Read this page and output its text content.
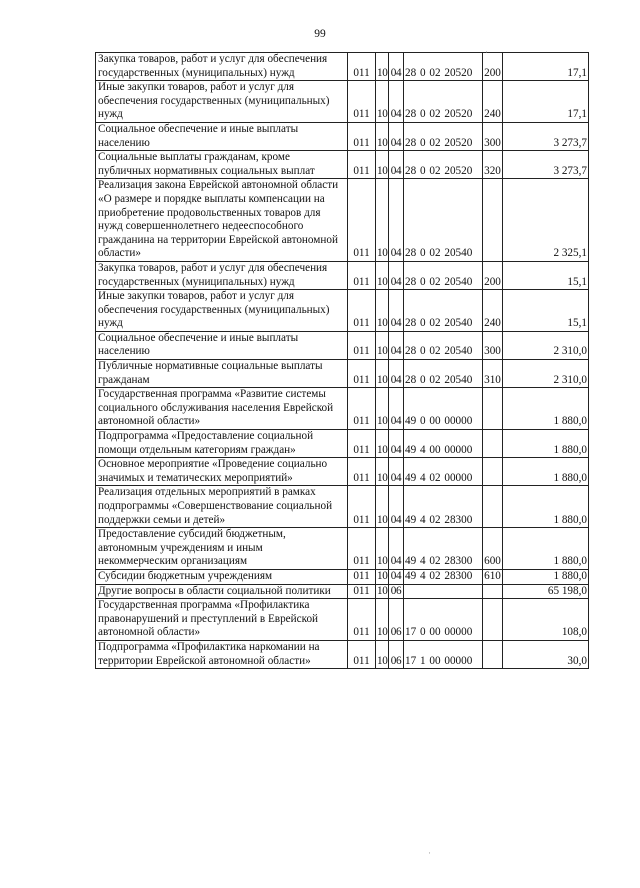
99
Закупка товаров, работ и услуг для обеспечения государственных (муниципальных) нужд	011	10	04	28 0 02 20520	200	17,1
Иные закупки товаров, работ и услуг для обеспечения государственных (муниципальных) нужд	011	10	04	28 0 02 20520	240	17,1
Социальное обеспечение и иные выплаты населению	011	10	04	28 0 02 20520	300	3 273,7
Социальные выплаты гражданам, кроме публичных нормативных социальных выплат	011	10	04	28 0 02 20520	320	3 273,7
Реализация закона Еврейской автономной области «О размере и порядке выплаты компенсации на приобретение продовольственных товаров для нужд совершеннолетнего недееспособного гражданина на территории Еврейской автономной области»	011	10	04	28 0 02 20540		2 325,1
Закупка товаров, работ и услуг для обеспечения государственных (муниципальных) нужд	011	10	04	28 0 02 20540	200	15,1
Иные закупки товаров, работ и услуг для обеспечения государственных (муниципальных) нужд	011	10	04	28 0 02 20540	240	15,1
Социальное обеспечение и иные выплаты населению	011	10	04	28 0 02 20540	300	2 310,0
Публичные нормативные социальные выплаты гражданам	011	10	04	28 0 02 20540	310	2 310,0
Государственная программа «Развитие системы социального обслуживания населения Еврейской автономной области»	011	10	04	49 0 00 00000		1 880,0
Подпрограмма «Предоставление социальной помощи отдельным категориям граждан»	011	10	04	49 4 00 00000		1 880,0
Основное мероприятие «Проведение социально значимых и тематических мероприятий»	011	10	04	49 4 02 00000		1 880,0
Реализация отдельных мероприятий в рамках подпрограммы «Совершенствование социальной поддержки семьи и детей»	011	10	04	49 4 02 28300		1 880,0
Предоставление субсидий бюджетным, автономным учреждениям и иным некоммерческим организациям	011	10	04	49 4 02 28300	600	1 880,0
Субсидии бюджетным учреждениям	011	10	04	49 4 02 28300	610	1 880,0
Другие вопросы в области социальной политики	011	10	06			65 198,0
Государственная программа «Профилактика правонарушений и преступлений в Еврейской автономной области»	011	10	06	17 0 00 00000		108,0
Подпрограмма «Профилактика наркомании на территории Еврейской автономной области»	011	10	06	17 1 00 00000		30,0
·
·
